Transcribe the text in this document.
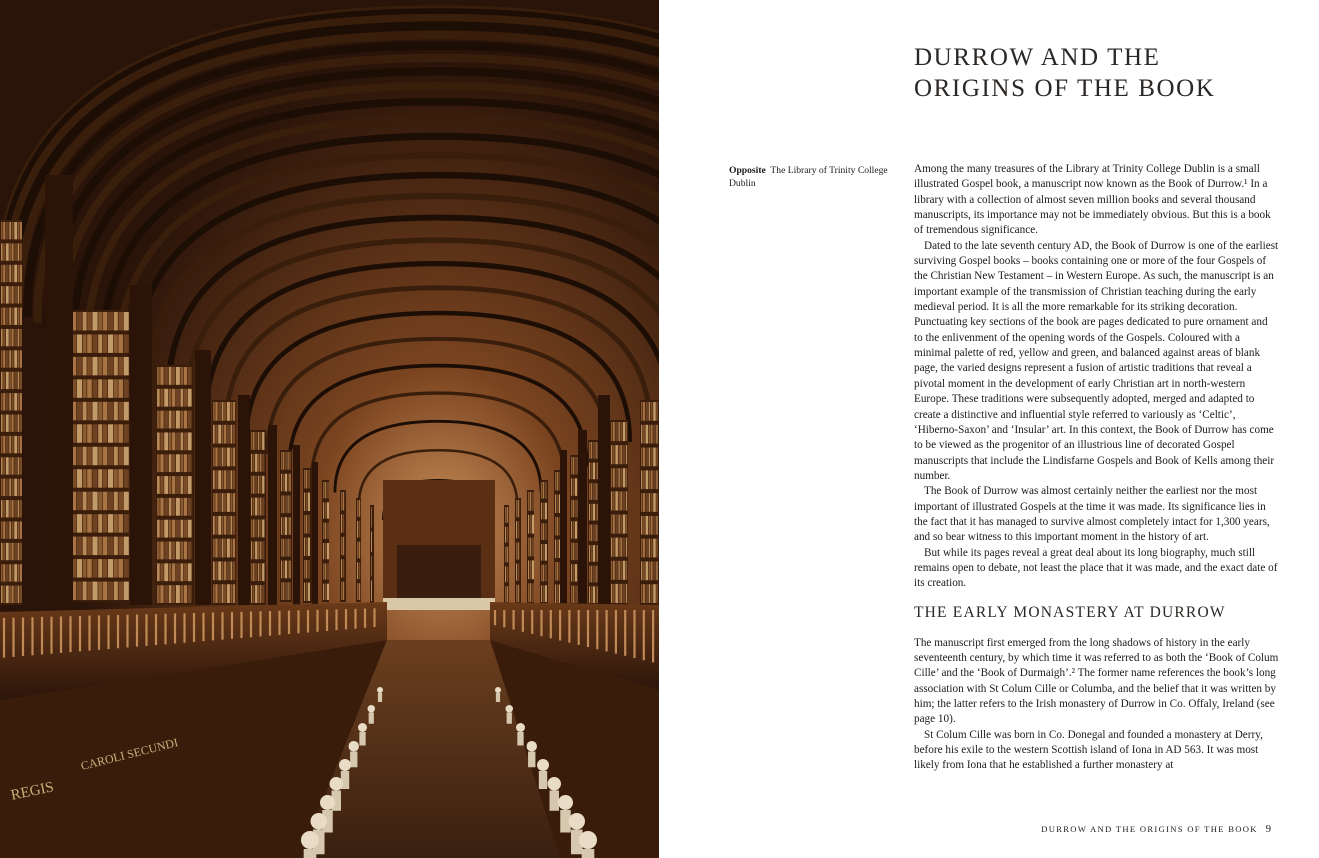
REGIS
CAROLI SECUNDI
DURROW AND THE
ORIGINS OF THE BOOK
Opposite The Library of Trinity College Dublin

Among the many treasures of the Library at Trinity College Dublin is a small illustrated Gospel book, a manuscript now known as the Book of Durrow.¹ In a library with a collection of almost seven million books and several thousand manuscripts, its importance may not be immediately obvious. But this is a book of tremendous significance.

Dated to the late seventh century AD, the Book of Durrow is one of the earliest surviving Gospel books – books containing one or more of the four Gospels of the Christian New Testament – in Western Europe. As such, the manuscript is an important example of the transmission of Christian teaching during the early medieval period. It is all the more remarkable for its striking decoration. Punctuating key sections of the book are pages dedicated to pure ornament and to the enlivenment of the opening words of the Gospels. Coloured with a minimal palette of red, yellow and green, and balanced against areas of blank page, the varied designs represent a fusion of artistic traditions that reveal a pivotal moment in the development of early Christian art in north-western Europe. These traditions were subsequently adopted, merged and adapted to create a distinctive and influential style referred to variously as ‘Celtic’, ‘Hiberno-Saxon’ and ‘Insular’ art. In this context, the Book of Durrow has come to be viewed as the progenitor of an illustrious line of decorated Gospel manuscripts that include the Lindisfarne Gospels and Book of Kells among their number.

The Book of Durrow was almost certainly neither the earliest nor the most important of illustrated Gospels at the time it was made. Its significance lies in the fact that it has managed to survive almost completely intact for 1,300 years, and so bear witness to this important moment in the history of art.

But while its pages reveal a great deal about its long biography, much still remains open to debate, not least the place that it was made, and the exact date of its creation.

THE EARLY MONASTERY AT DURROW

The manuscript first emerged from the long shadows of history in the early seventeenth century, by which time it was referred to as both the ‘Book of Colum Cille’ and the ‘Book of Durmaigh’.² The former name references the book’s long association with St Colum Cille or Columba, and the belief that it was written by him; the latter refers to the Irish monastery of Durrow in Co. Offaly, Ireland (see page 10).

St Colum Cille was born in Co. Donegal and founded a monastery at Derry, before his exile to the western Scottish island of Iona in AD 563. It was most likely from Iona that he established a further monastery at

DURROW AND THE ORIGINS OF THE BOOK 9
